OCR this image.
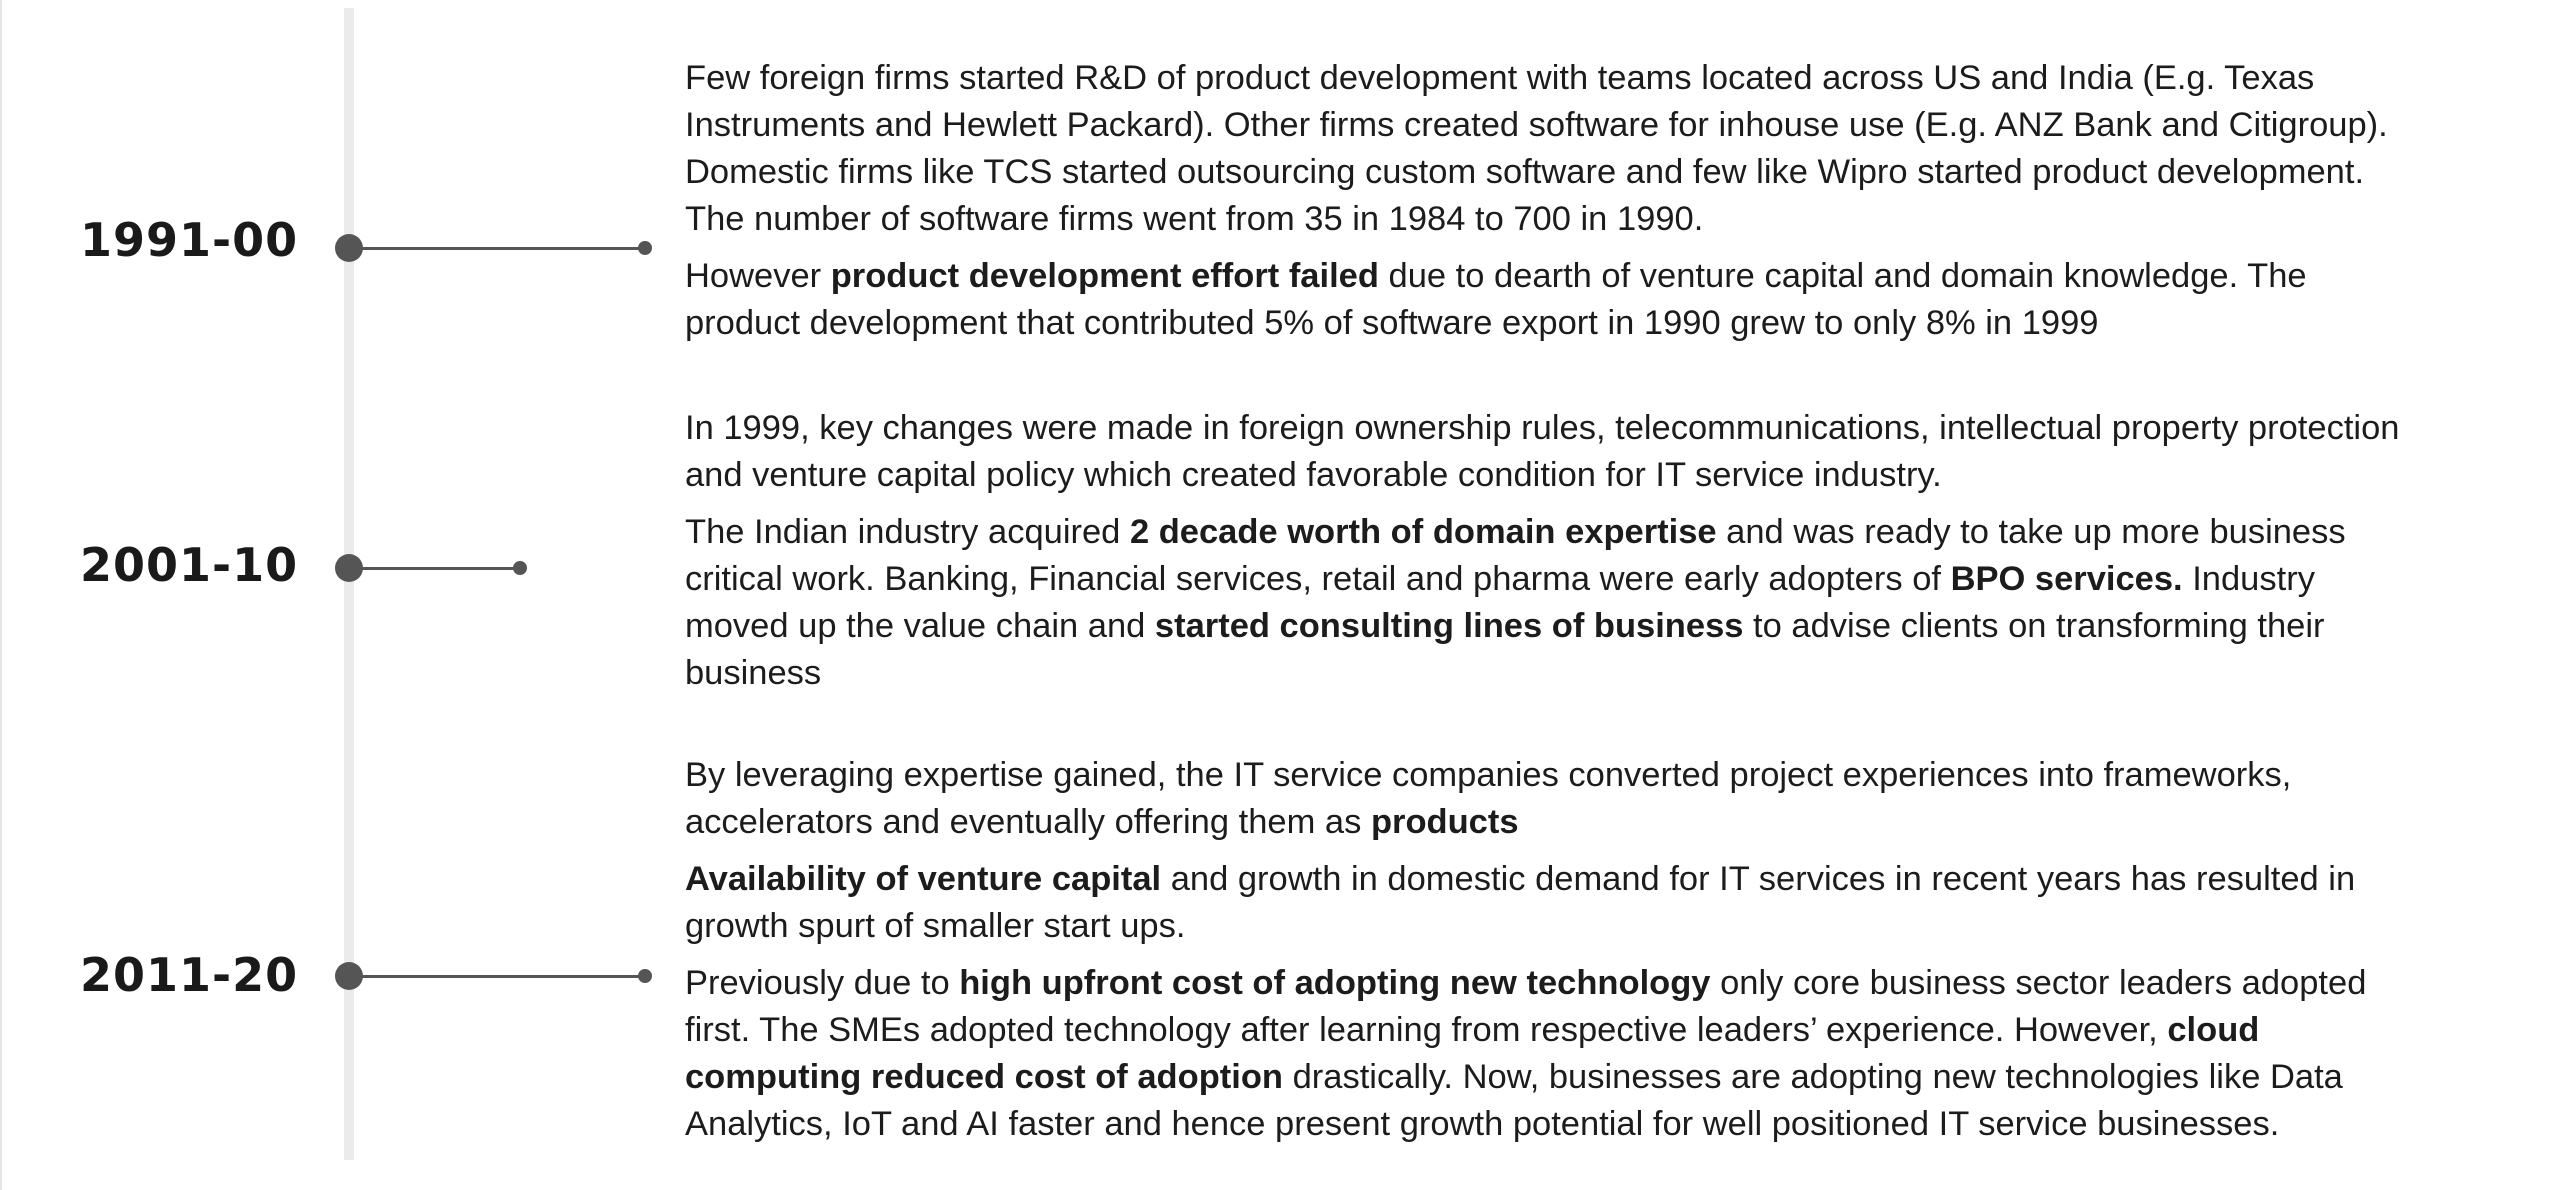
1991-00

Few foreign firms started R&D of product development with teams located across US and India (E.g. Texas Instruments and Hewlett Packard). Other firms created software for inhouse use (E.g. ANZ Bank and Citigroup). Domestic firms like TCS started outsourcing custom software and few like Wipro started product development. The number of software firms went from 35 in 1984 to 700 in 1990.

However product development effort failed due to dearth of venture capital and domain knowledge. The product development that contributed 5% of software export in 1990 grew to only 8% in 1999

2001-10

In 1999, key changes were made in foreign ownership rules, telecommunications, intellectual property protection and venture capital policy which created favorable condition for IT service industry.

The Indian industry acquired 2 decade worth of domain expertise and was ready to take up more business critical work. Banking, Financial services, retail and pharma were early adopters of BPO services. Industry moved up the value chain and started consulting lines of business to advise clients on transforming their business

2011-20

By leveraging expertise gained, the IT service companies converted project experiences into frameworks, accelerators and eventually offering them as products

Availability of venture capital and growth in domestic demand for IT services in recent years has resulted in growth spurt of smaller start ups.

Previously due to high upfront cost of adopting new technology only core business sector leaders adopted first. The SMEs adopted technology after learning from respective leaders’ experience. However, cloud computing reduced cost of adoption drastically. Now, businesses are adopting new technologies like Data Analytics, IoT and AI faster and hence present growth potential for well positioned IT service businesses.
